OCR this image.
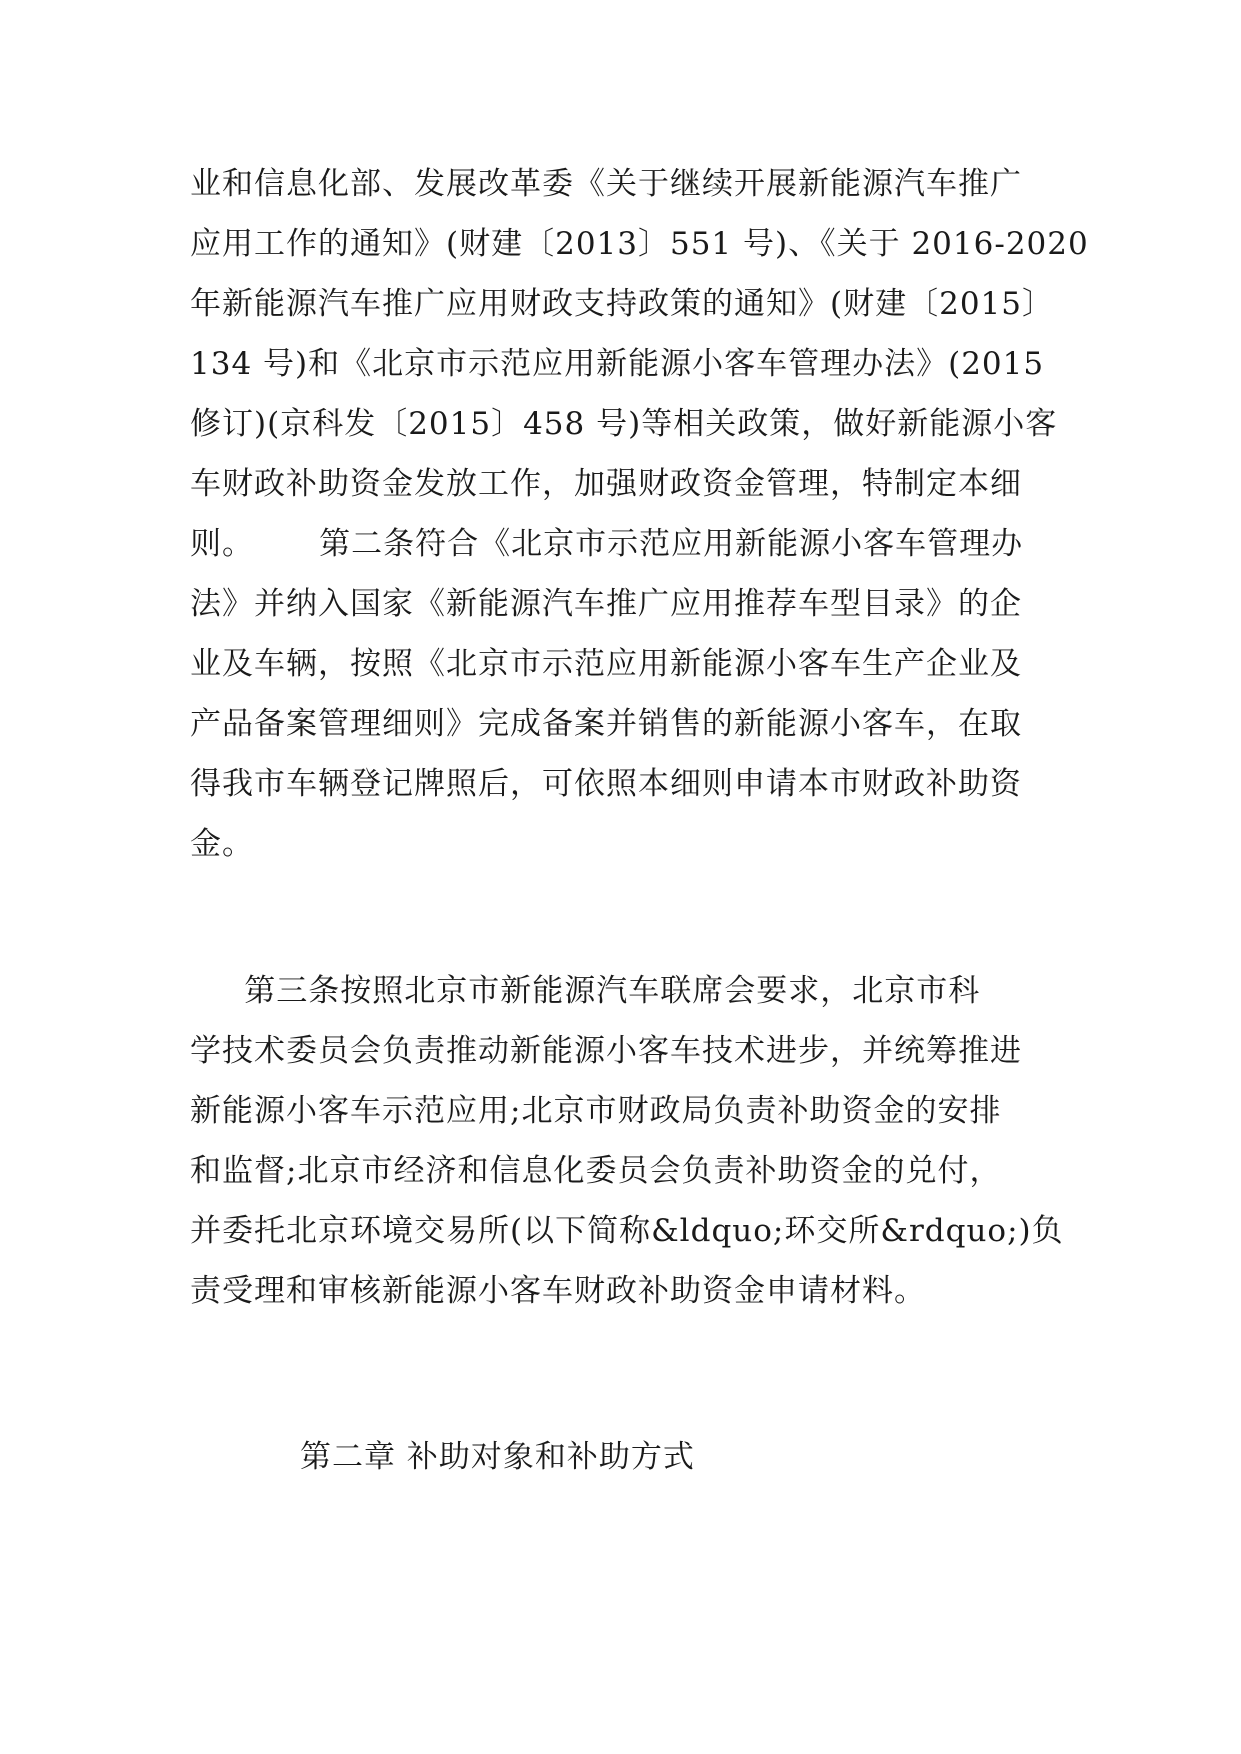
业和信息化部、发展改革委《关于继续开展新能源汽车推广
应用工作的通知》(财建〔2013〕551 号)、《关于 2016-2020
年新能源汽车推广应用财政支持政策的通知》(财建〔2015〕
134 号)和《北京市示范应用新能源小客车管理办法》(2015
修订)(京科发〔2015〕458 号)等相关政策，做好新能源小客
车财政补助资金发放工作，加强财政资金管理，特制定本细
则。      第二条符合《北京市示范应用新能源小客车管理办
法》并纳入国家《新能源汽车推广应用推荐车型目录》的企
业及车辆，按照《北京市示范应用新能源小客车生产企业及
产品备案管理细则》完成备案并销售的新能源小客车，在取
得我市车辆登记牌照后，可依照本细则申请本市财政补助资
金。
第三条按照北京市新能源汽车联席会要求，北京市科
学技术委员会负责推动新能源小客车技术进步，并统筹推进
新能源小客车示范应用;北京市财政局负责补助资金的安排
和监督;北京市经济和信息化委员会负责补助资金的兑付，
并委托北京环境交易所(以下简称&ldquo;环交所&rdquo;)负
责受理和审核新能源小客车财政补助资金申请材料。
第二章 补助对象和补助方式
